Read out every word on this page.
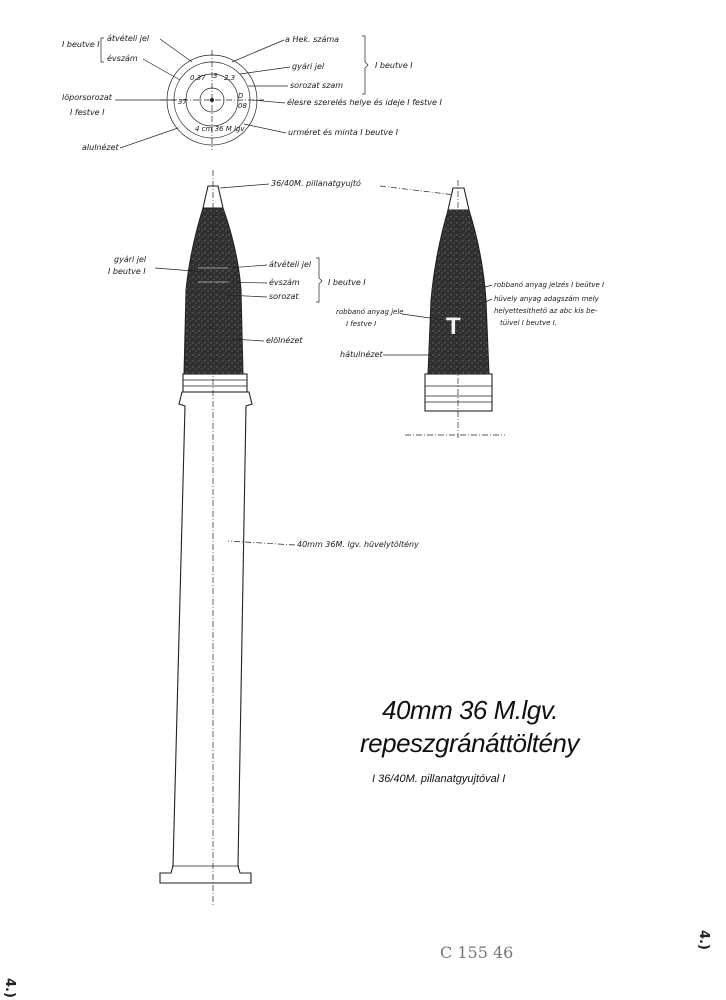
0.37 3 2.3
37
D
08
4 cm 36 M lgv
I beutve I
átvételi jel
évszám
löporsorozat
I festve I
alulnézet
a Hek. száma
gyári jel
sorozat szam
I beutve I
élesre szerelés helye és ideje I festve I
urméret és minta I beutve I
36/40M. pillanatgyujtó
gyári jel
I beutve I
átvételi jel
évszám
sorozat
I beutve I
elölnézet
40mm 36M. lgv. hüvelytöltény
T
robbanó anyag jelzés I beütve I
hüvely anyag adagszám mely
helyettesithetö az abc kis be-
tüivel I beutve I.
robbanó anyag jele
I festve I
hátulnézet
40mm 36 M.lgv.
repeszgránáttöltény
I 36/40M. pillanatgyujtóval I
C 155 46
4.)
4.)
